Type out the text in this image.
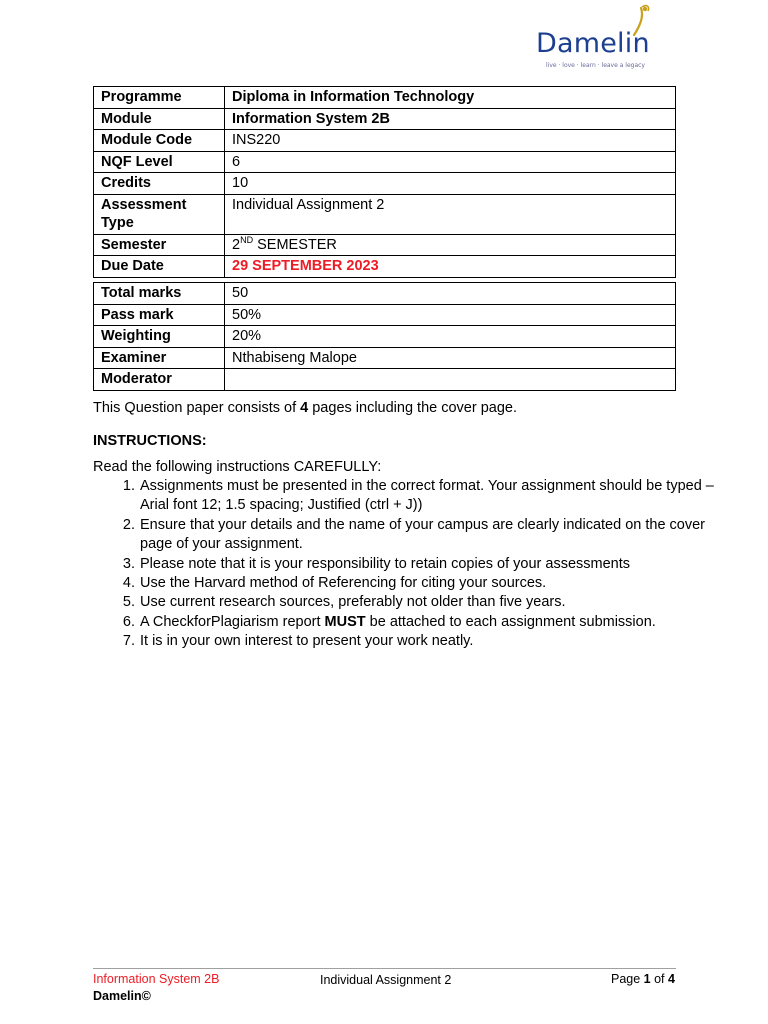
Damelin
live · love · learn · leave a legacy
Programme	Diploma in Information Technology
Module	Information System 2B
Module Code	INS220
NQF Level	6
Credits	10
Assessment Type	Individual Assignment 2
Semester	2ND SEMESTER
Due Date	29 SEPTEMBER 2023
Total marks	50
Pass mark	50%
Weighting	20%
Examiner	Nthabiseng Malope
Moderator	
This Question paper consists of 4 pages including the cover page.
INSTRUCTIONS:
Read the following instructions CAREFULLY:
1. Assignments must be presented in the correct format. Your assignment should be typed – Arial font 12; 1.5 spacing; Justified (ctrl + J))
2. Ensure that your details and the name of your campus are clearly indicated on the cover page of your assignment.
3. Please note that it is your responsibility to retain copies of your assessments
4. Use the Harvard method of Referencing for citing your sources.
5. Use current research sources, preferably not older than five years.
6. A CheckforPlagiarism report MUST be attached to each assignment submission.
7. It is in your own interest to present your work neatly.
Information System 2B	Individual Assignment 2	Page 1 of 4
Damelin©
